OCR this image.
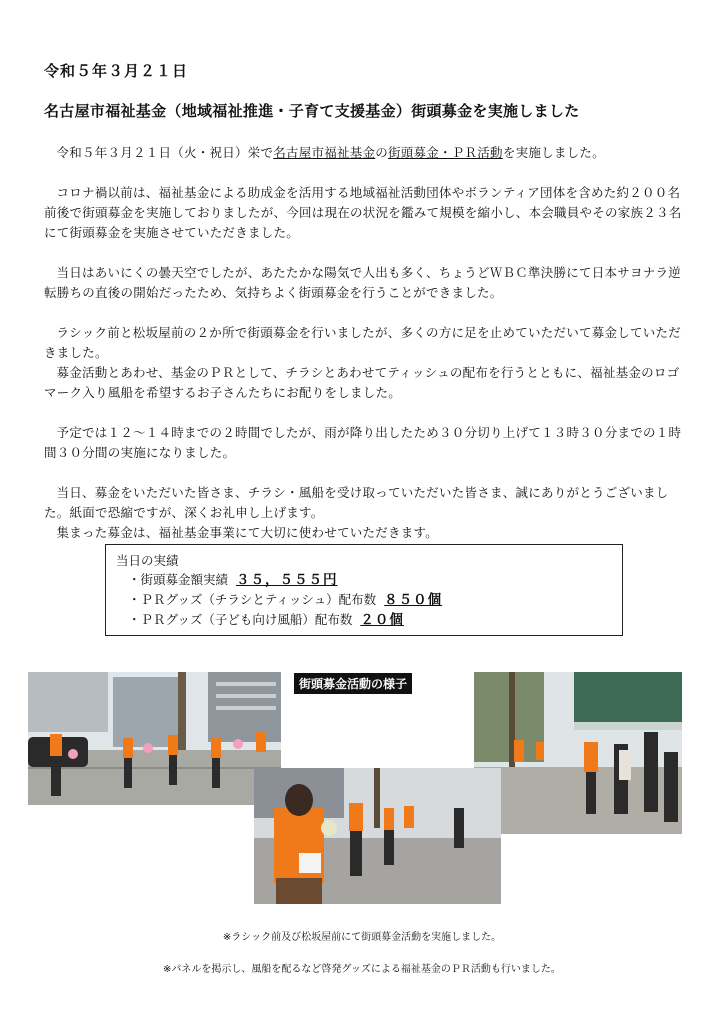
令和５年３月２１日
名古屋市福祉基金（地域福祉推進・子育て支援基金）街頭募金を実施しました

令和５年３月２１日（火・祝日）栄で名古屋市福祉基金の街頭募金・ＰＲ活動を実施しました。

コロナ禍以前は、福祉基金による助成金を活用する地域福祉活動団体やボランティア団体を含めた約２００名前後で街頭募金を実施しておりましたが、今回は現在の状況を鑑みて規模を縮小し、本会職員やその家族２３名にて街頭募金を実施させていただきました。

当日はあいにくの曇天空でしたが、あたたかな陽気で人出も多く、ちょうどＷＢＣ準決勝にて日本サヨナラ逆転勝ちの直後の開始だったため、気持ちよく街頭募金を行うことができました。

ラシック前と松坂屋前の２か所で街頭募金を行いましたが、多くの方に足を止めていただいて募金していただきました。

募金活動とあわせ、基金のＰＲとして、チラシとあわせてティッシュの配布を行うとともに、福祉基金のロゴマーク入り風船を希望するお子さんたちにお配りをしました。

予定では１２～１４時までの２時間でしたが、雨が降り出したため３０分切り上げて１３時３０分までの１時間３０分間の実施になりました。

当日、募金をいただいた皆さま、チラシ・風船を受け取っていただいた皆さま、誠にありがとうございました。紙面で恐縮ですが、深くお礼申し上げます。

集まった募金は、福祉基金事業にて大切に使わせていただきます。

当日の実績
・街頭募金額実績 ３５，５５５円
・ＰＲグッズ（チラシとティッシュ）配布数 ８５０個
・ＰＲグッズ（子ども向け風船）配布数 ２０個
街頭募金活動の様子
※ラシック前及び松坂屋前にて街頭募金活動を実施しました。
※パネルを掲示し、風船を配るなど啓発グッズによる福祉基金のＰＲ活動も行いました。
